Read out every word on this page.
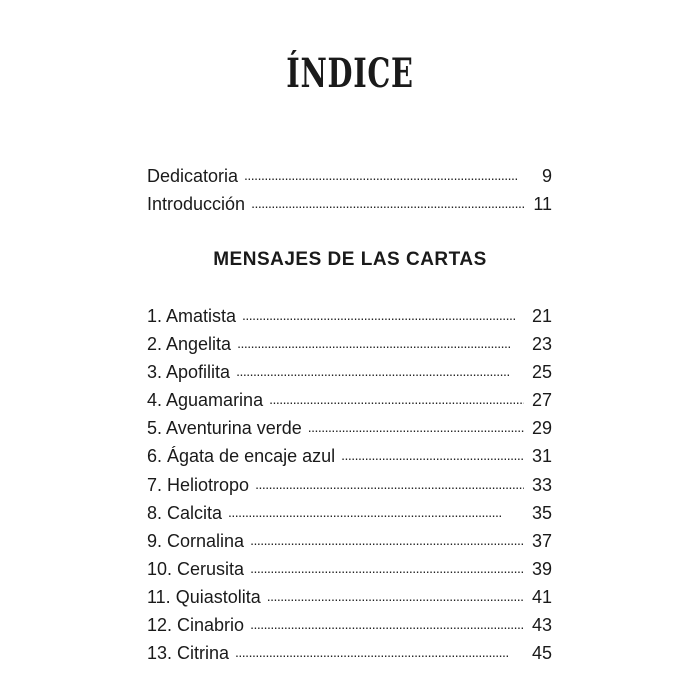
ÍNDICE
Dedicatoria . . .	9
Introducción . . .	11
MENSAJES DE LAS CARTAS
1. Amatista . . .	21
2. Angelita . . .	23
3. Apofilita . . .	25
4. Aguamarina . . .	27
5. Aventurina verde . . .	29
6. Ágata de encaje azul . . .	31
7. Heliotropo . . .	33
8. Calcita . . .	35
9. Cornalina . . .	37
10. Cerusita . . .	39
11. Quiastolita . . .	41
12. Cinabrio . . .	43
13. Citrina . . .	45
